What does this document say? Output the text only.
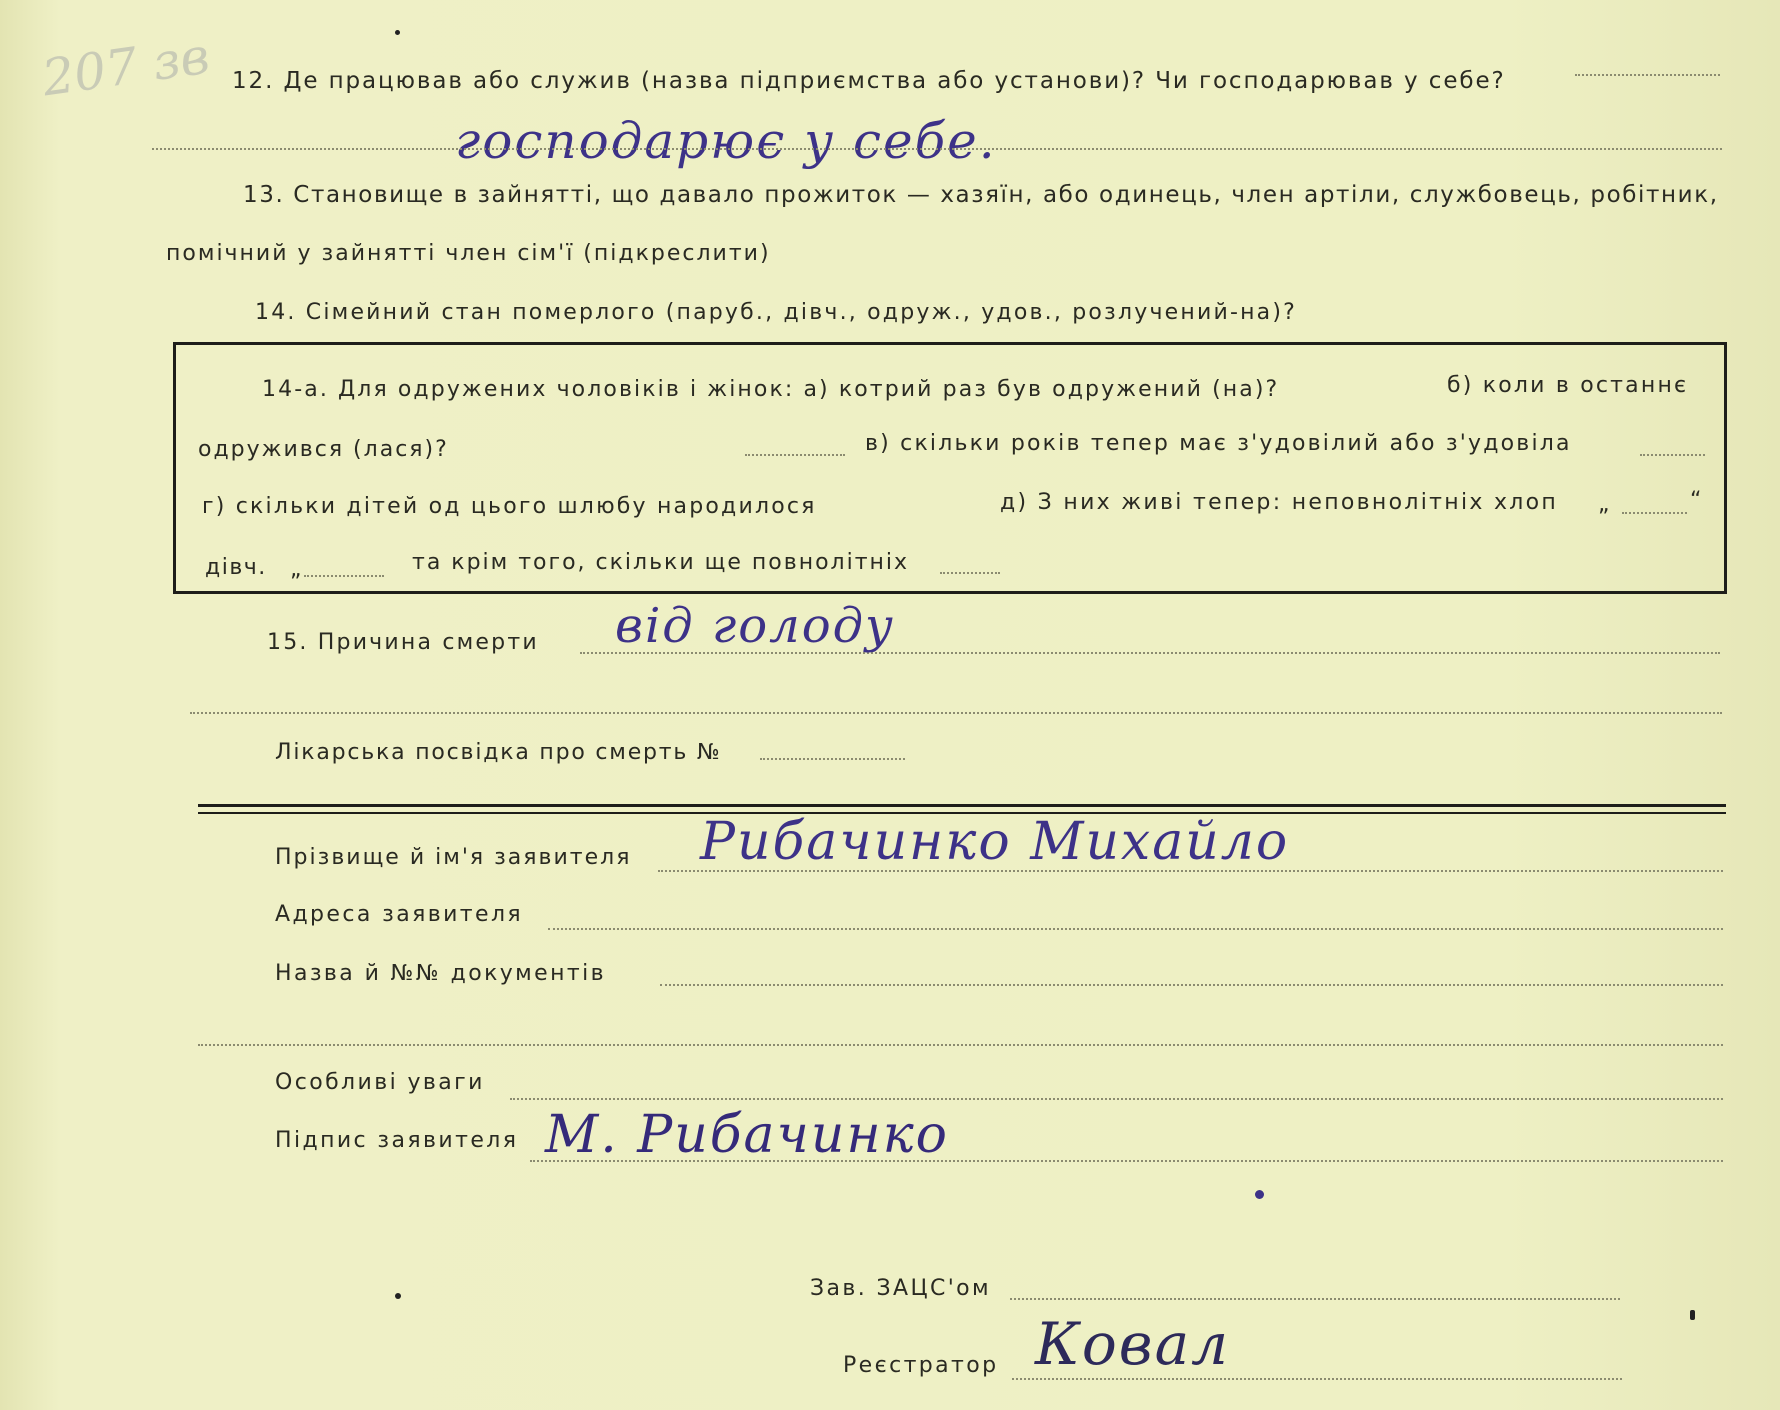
207 зв 12. Де працював або служив (назва підприємства або установи)? Чи господарював у себе?
господарює у себе.
13. Становище в зайнятті, що давало прожиток — хазяїн, або одинець, член артіли, службовець, робітник,
помічний у зайнятті член сім'ї (підкреслити)
14. Сімейний стан померлого (паруб., дівч., одруж., удов., розлучений-на)?
14-а. Для одружених чоловіків і жінок: а) котрий раз був одружений (на)?	б) коли в останнє
одружився (лася)?	в) скільки років тепер має з'удовілий або з'удовіла
г) скільки дітей од цього шлюбу народилося	д) З них живі тепер: неповнолітніх хлоп „	“
дівч. „	та крім того, скільки ще повнолітніх
15. Причина смерти від голоду
Лікарська посвідка про смерть №
Прізвище й ім'я заявителя Рибачинко Михайло
Адреса заявителя
Назва й №№ документів
Особливі уваги
Підпис заявителя М. Рибачинко
Зав. ЗАЦС'ом
Реєстратор Ковал
